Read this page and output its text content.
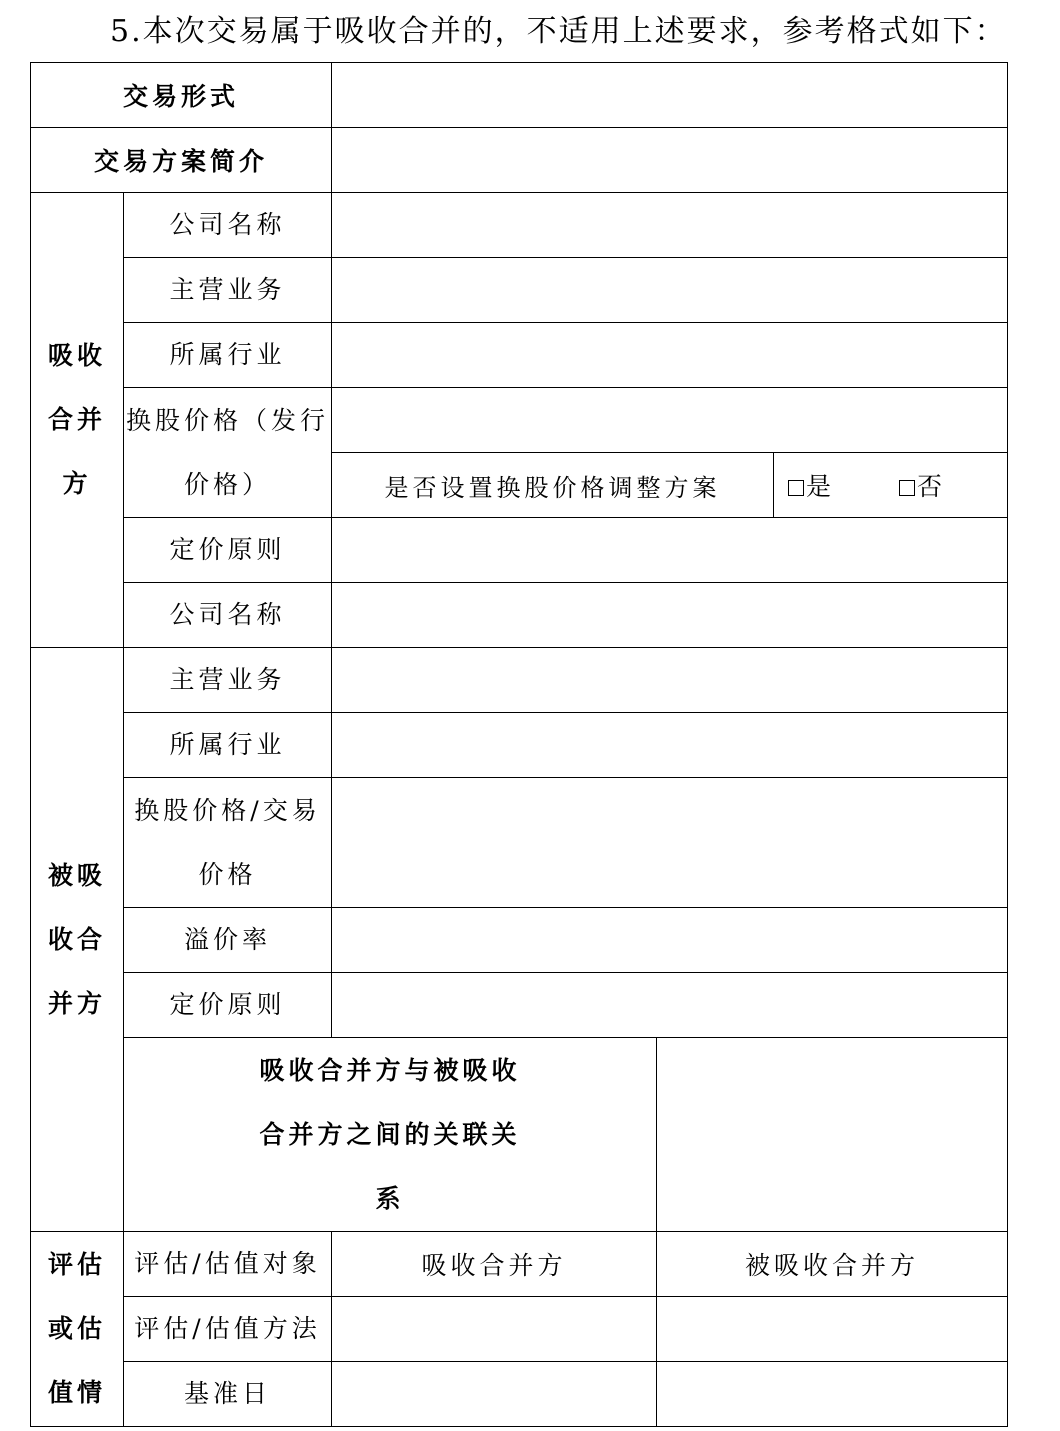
5.本次交易属于吸收合并的，不适用上述要求，参考格式如下：
交易形式				
交易方案简介				
吸收
合并
方	公司名称			
	主营业务			
	所属行业			
	换股价格（发行
价格）			
		是否设置换股价格调整方案		是 否
	定价原则			
	公司名称			
被吸
收合
并方	主营业务			
	所属行业			
	换股价格/交易
价格			
	溢价率			
	定价原则			
	吸收合并方与被吸收
合并方之间的关联关
系			
评估
或估
值情	评估/估值对象	吸收合并方	被吸收合并方	
	评估/估值方法			
	基准日			
